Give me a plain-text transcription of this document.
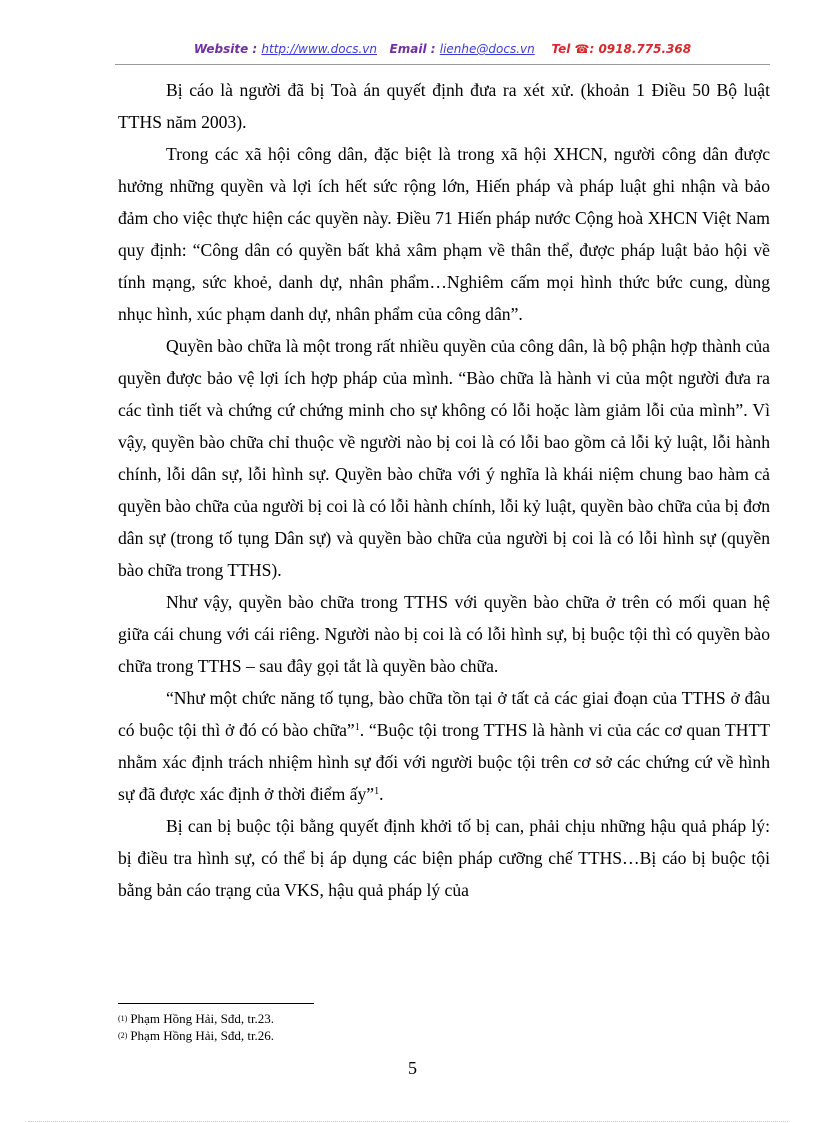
Website : http://www.docs.vn Email : lienhe@docs.vn Tel ☎: 0918.775.368

Bị cáo là người đã bị Toà án quyết định đưa ra xét xử. (khoản 1 Điều 50 Bộ luật TTHS năm 2003).

Trong các xã hội công dân, đặc biệt là trong xã hội XHCN, người công dân được hưởng những quyền và lợi ích hết sức rộng lớn, Hiến pháp và pháp luật ghi nhận và bảo đảm cho việc thực hiện các quyền này. Điều 71 Hiến pháp nước Cộng hoà XHCN Việt Nam quy định: “Công dân có quyền bất khả xâm phạm về thân thể, được pháp luật bảo hội về tính mạng, sức khoẻ, danh dự, nhân phẩm…Nghiêm cấm mọi hình thức bức cung, dùng nhục hình, xúc phạm danh dự, nhân phẩm của công dân”.

Quyền bào chữa là một trong rất nhiều quyền của công dân, là bộ phận hợp thành của quyền được bảo vệ lợi ích hợp pháp của mình. “Bào chữa là hành vi của một người đưa ra các tình tiết và chứng cứ chứng minh cho sự không có lỗi hoặc làm giảm lỗi của mình”. Vì vậy, quyền bào chữa chỉ thuộc về người nào bị coi là có lỗi bao gồm cả lỗi kỷ luật, lỗi hành chính, lỗi dân sự, lỗi hình sự. Quyền bào chữa với ý nghĩa là khái niệm chung bao hàm cả quyền bào chữa của người bị coi là có lỗi hành chính, lỗi kỷ luật, quyền bào chữa của bị đơn dân sự (trong tố tụng Dân sự) và quyền bào chữa của người bị coi là có lỗi hình sự (quyền bào chữa trong TTHS).

Như vậy, quyền bào chữa trong TTHS với quyền bào chữa ở trên có mối quan hệ giữa cái chung với cái riêng. Người nào bị coi là có lỗi hình sự, bị buộc tội thì có quyền bào chữa trong TTHS – sau đây gọi tắt là quyền bào chữa.

“Như một chức năng tố tụng, bào chữa tồn tại ở tất cả các giai đoạn của TTHS ở đâu có buộc tội thì ở đó có bào chữa”$^1$. “Buộc tội trong TTHS là hành vi của các cơ quan THTT nhằm xác định trách nhiệm hình sự đối với người buộc tội trên cơ sở các chứng cứ về hình sự đã được xác định ở thời điểm ấy”$^1$.

Bị can bị buộc tội bằng quyết định khởi tố bị can, phải chịu những hậu quả pháp lý: bị điều tra hình sự, có thể bị áp dụng các biện pháp cưỡng chế TTHS…Bị cáo bị buộc tội bằng bản cáo trạng của VKS, hậu quả pháp lý của

(1) Phạm Hồng Hải, Sđd, tr.23.
(2) Phạm Hồng Hải, Sđd, tr.26.
5
